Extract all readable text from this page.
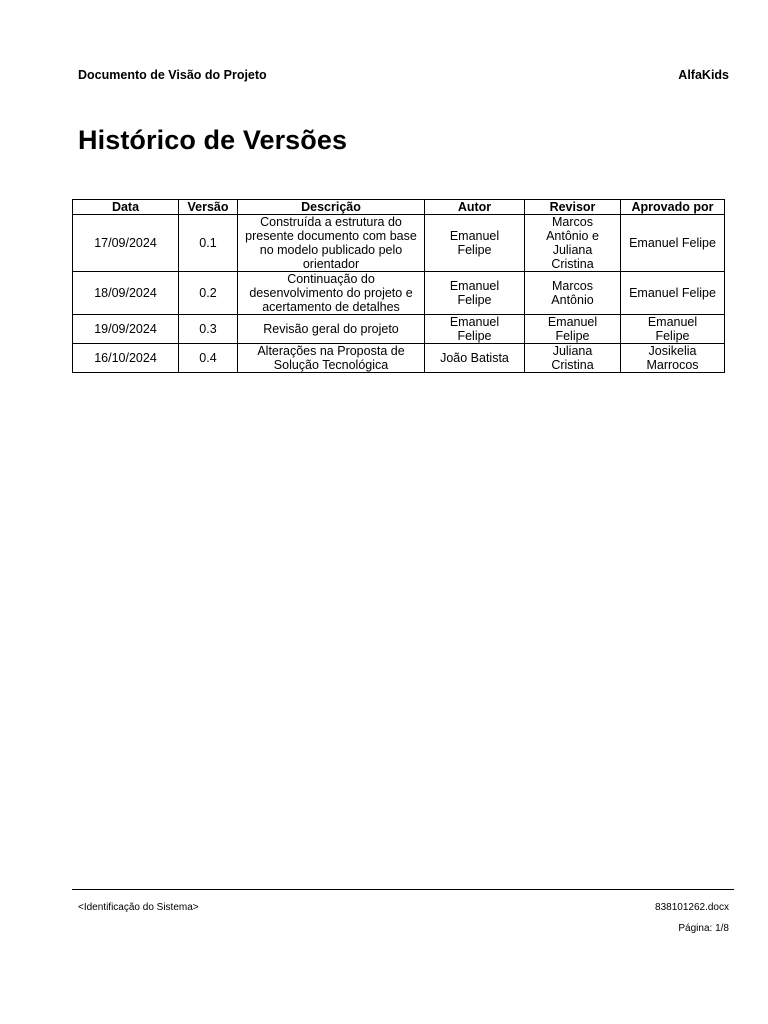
Documento de Visão do Projeto	AlfaKids
Histórico de Versões
Data	Versão	Descrição	Autor	Revisor	Aprovado por
17/09/2024	0.1	Construída a estrutura do presente documento com base no modelo publicado pelo orientador	Emanuel Felipe	Marcos Antônio e Juliana Cristina	Emanuel Felipe
18/09/2024	0.2	Continuação do desenvolvimento do projeto e acertamento de detalhes	Emanuel Felipe	Marcos Antônio	Emanuel Felipe
19/09/2024	0.3	Revisão geral do projeto	Emanuel Felipe	Emanuel Felipe	Emanuel Felipe
16/10/2024	0.4	Alterações na Proposta de Solução Tecnológica	João Batista	Juliana Cristina	Josikelia Marrocos
<Identificação do Sistema>	838101262.docx
Página: 1/8
